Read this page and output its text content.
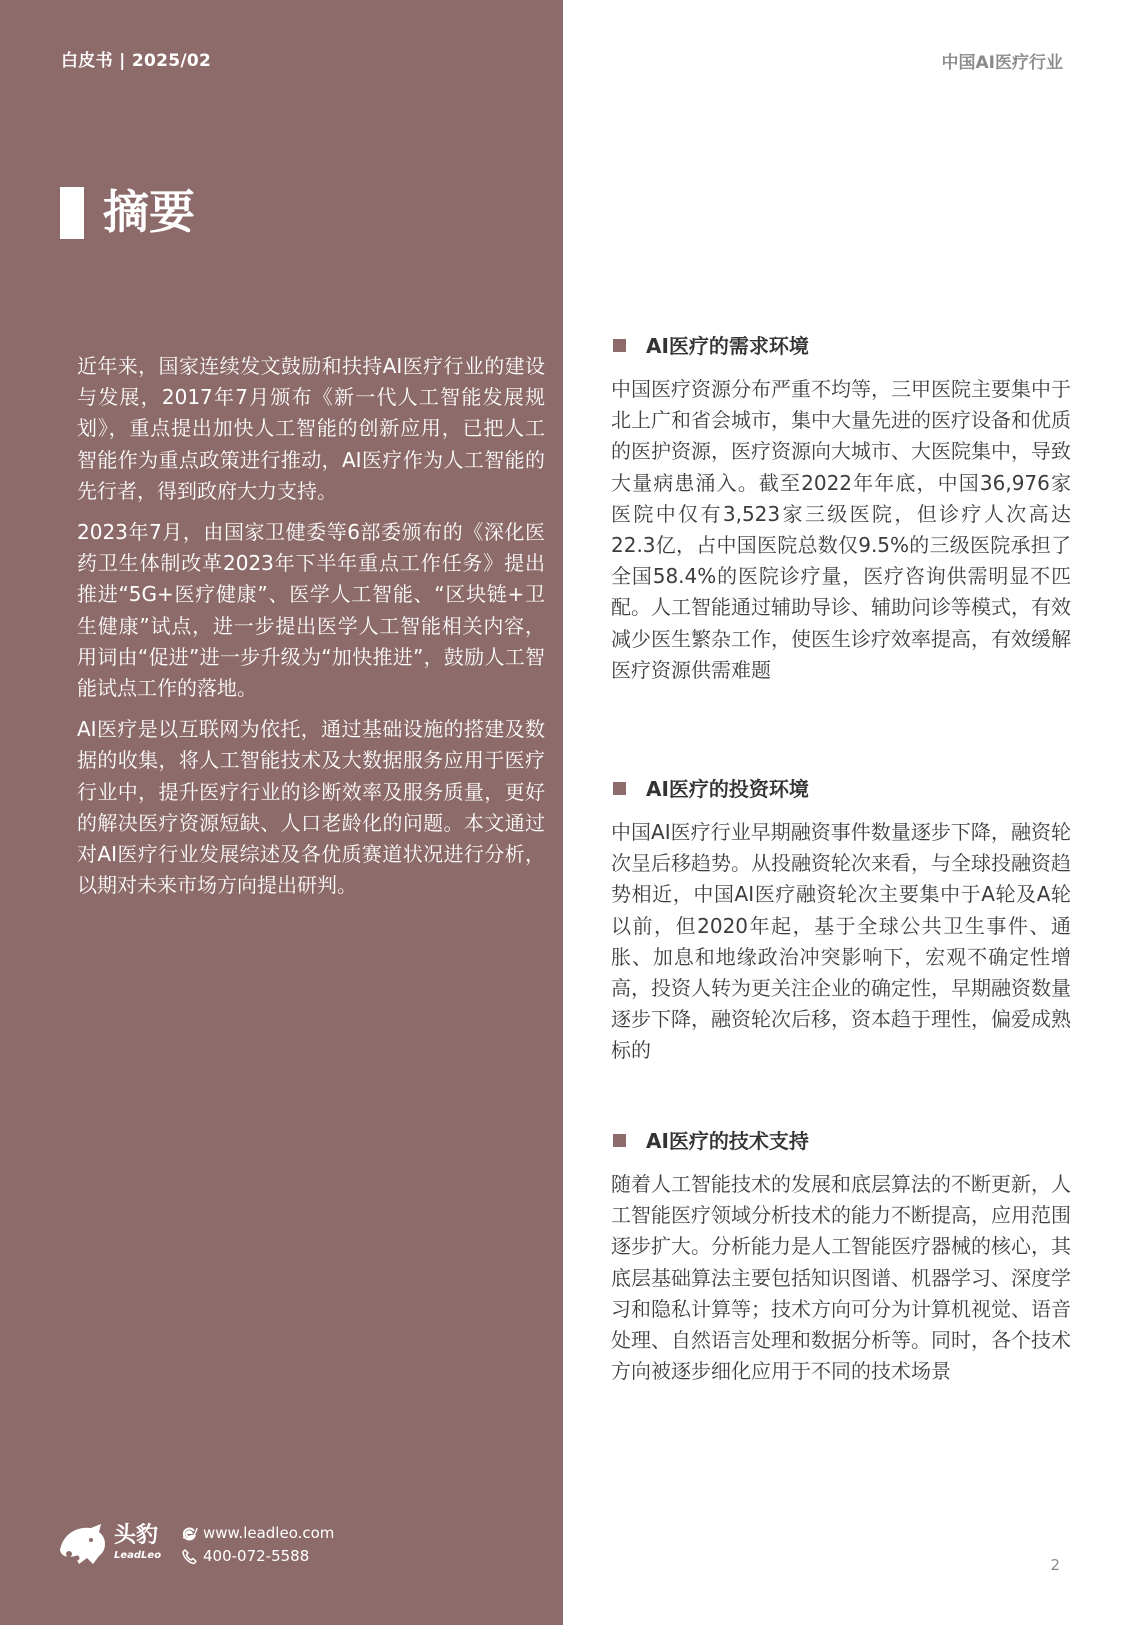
白皮书 | 2025/02	中国AI医疗行业
摘要

近年来，国家连续发文鼓励和扶持AI医疗行业的建设与发展，2017年7月颁布《新一代人工智能发展规划》，重点提出加快人工智能的创新应用，已把人工智能作为重点政策进行推动，AI医疗作为人工智能的先行者，得到政府大力支持。

2023年7月，由国家卫健委等6部委颁布的《深化医药卫生体制改革2023年下半年重点工作任务》提出推进“5G+医疗健康”、医学人工智能、“区块链+卫生健康”试点，进一步提出医学人工智能相关内容，用词由“促进”进一步升级为“加快推进”，鼓励人工智能试点工作的落地。

AI医疗是以互联网为依托，通过基础设施的搭建及数据的收集，将人工智能技术及大数据服务应用于医疗行业中，提升医疗行业的诊断效率及服务质量，更好的解决医疗资源短缺、人口老龄化的问题。本文通过对AI医疗行业发展综述及各优质赛道状况进行分析，以期对未来市场方向提出研判。

AI医疗的需求环境
中国医疗资源分布严重不均等，三甲医院主要集中于北上广和省会城市，集中大量先进的医疗设备和优质的医护资源，医疗资源向大城市、大医院集中，导致大量病患涌入。截至2022年年底，中国36,976家医院中仅有3,523家三级医院，但诊疗人次高达22.3亿，占中国医院总数仅9.5%的三级医院承担了全国58.4%的医院诊疗量，医疗咨询供需明显不匹配。人工智能通过辅助导诊、辅助问诊等模式，有效减少医生繁杂工作，使医生诊疗效率提高，有效缓解医疗资源供需难题
AI医疗的投资环境
中国AI医疗行业早期融资事件数量逐步下降，融资轮次呈后移趋势。从投融资轮次来看，与全球投融资趋势相近，中国AI医疗融资轮次主要集中于A轮及A轮以前，但2020年起，基于全球公共卫生事件、通胀、加息和地缘政治冲突影响下，宏观不确定性增高，投资人转为更关注企业的确定性，早期融资数量逐步下降，融资轮次后移，资本趋于理性，偏爱成熟标的
AI医疗的技术支持
随着人工智能技术的发展和底层算法的不断更新，人工智能医疗领域分析技术的能力不断提高，应用范围逐步扩大。分析能力是人工智能医疗器械的核心，其底层基础算法主要包括知识图谱、机器学习、深度学习和隐私计算等；技术方向可分为计算机视觉、语音处理、自然语言处理和数据分析等。同时，各个技术方向被逐步细化应用于不同的技术场景
头豹
LeadLeo
www.leadleo.com
400-072-5588	2
